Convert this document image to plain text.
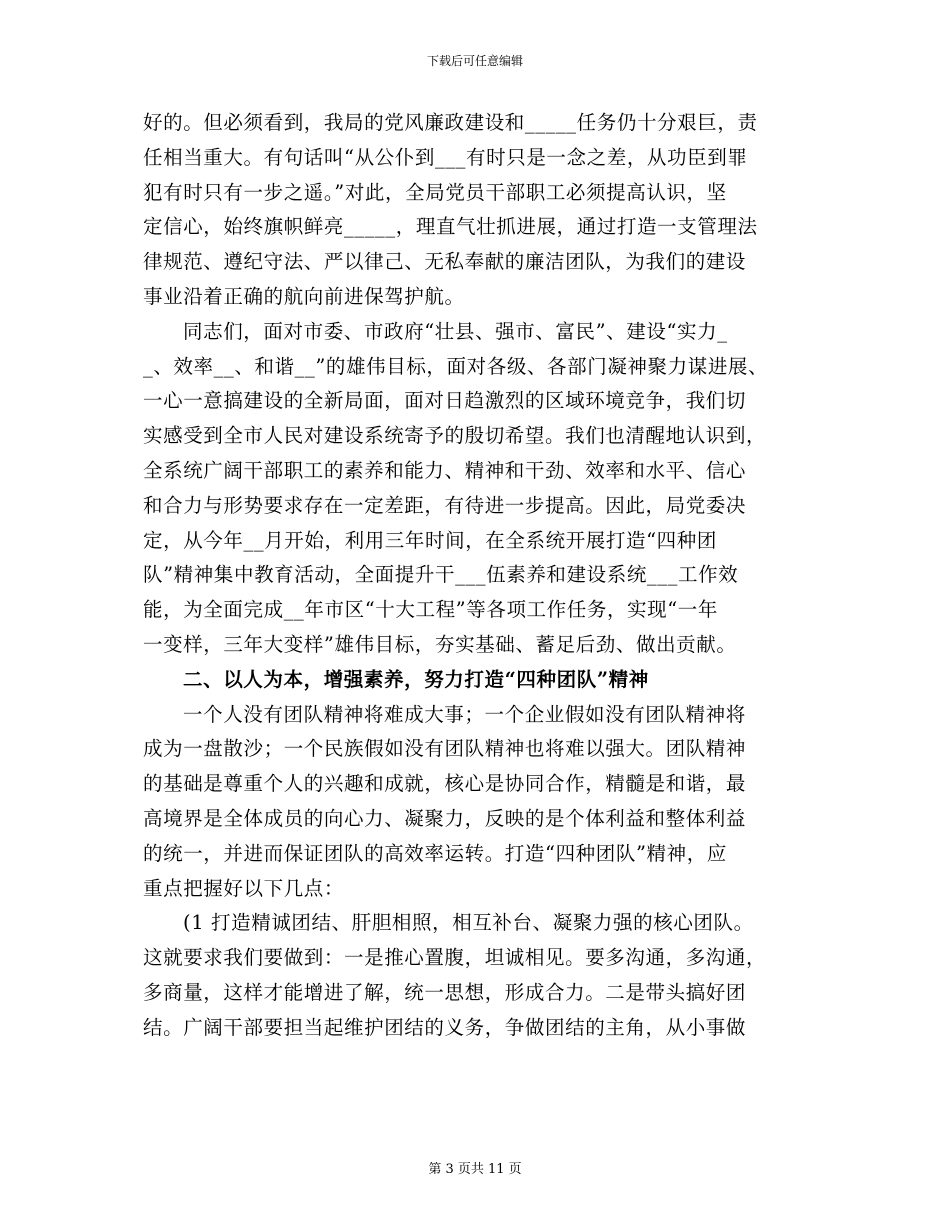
下载后可任意编辑
好的。但必须看到，我局的党风廉政建设和_____任务仍十分艰巨，责
任相当重大。有句话叫“从公仆到___有时只是一念之差，从功臣到罪
犯有时只有一步之遥。”对此，全局党员干部职工必须提高认识，坚
定信心，始终旗帜鲜亮_____，理直气壮抓进展，通过打造一支管理法
律规范、遵纪守法、严以律己、无私奉献的廉洁团队，为我们的建设
事业沿着正确的航向前进保驾护航。
同志们，面对市委、市政府“壮县、强市、富民”、建设“实力_
_、效率__、和谐__”的雄伟目标，面对各级、各部门凝神聚力谋进展、
一心一意搞建设的全新局面，面对日趋激烈的区域环境竞争，我们切
实感受到全市人民对建设系统寄予的殷切希望。我们也清醒地认识到，
全系统广阔干部职工的素养和能力、精神和干劲、效率和水平、信心
和合力与形势要求存在一定差距，有待进一步提高。因此，局党委决
定，从今年__月开始，利用三年时间，在全系统开展打造“四种团
队”精神集中教育活动，全面提升干___伍素养和建设系统___工作效
能，为全面完成__年市区“十大工程”等各项工作任务，实现“一年
一变样，三年大变样”雄伟目标，夯实基础、蓄足后劲、做出贡献。
二、以人为本，增强素养，努力打造“四种团队”精神
一个人没有团队精神将难成大事；一个企业假如没有团队精神将
成为一盘散沙；一个民族假如没有团队精神也将难以强大。团队精神
的基础是尊重个人的兴趣和成就，核心是协同合作，精髓是和谐，最
高境界是全体成员的向心力、凝聚力，反映的是个体利益和整体利益
的统一，并进而保证团队的高效率运转。打造“四种团队”精神，应
重点把握好以下几点：
(1 打造精诚团结、肝胆相照，相互补台、凝聚力强的核心团队。
这就要求我们要做到：一是推心置腹，坦诚相见。要多沟通，多沟通，
多商量，这样才能增进了解，统一思想，形成合力。二是带头搞好团
结。广阔干部要担当起维护团结的义务，争做团结的主角，从小事做
第 3 页共 11 页
